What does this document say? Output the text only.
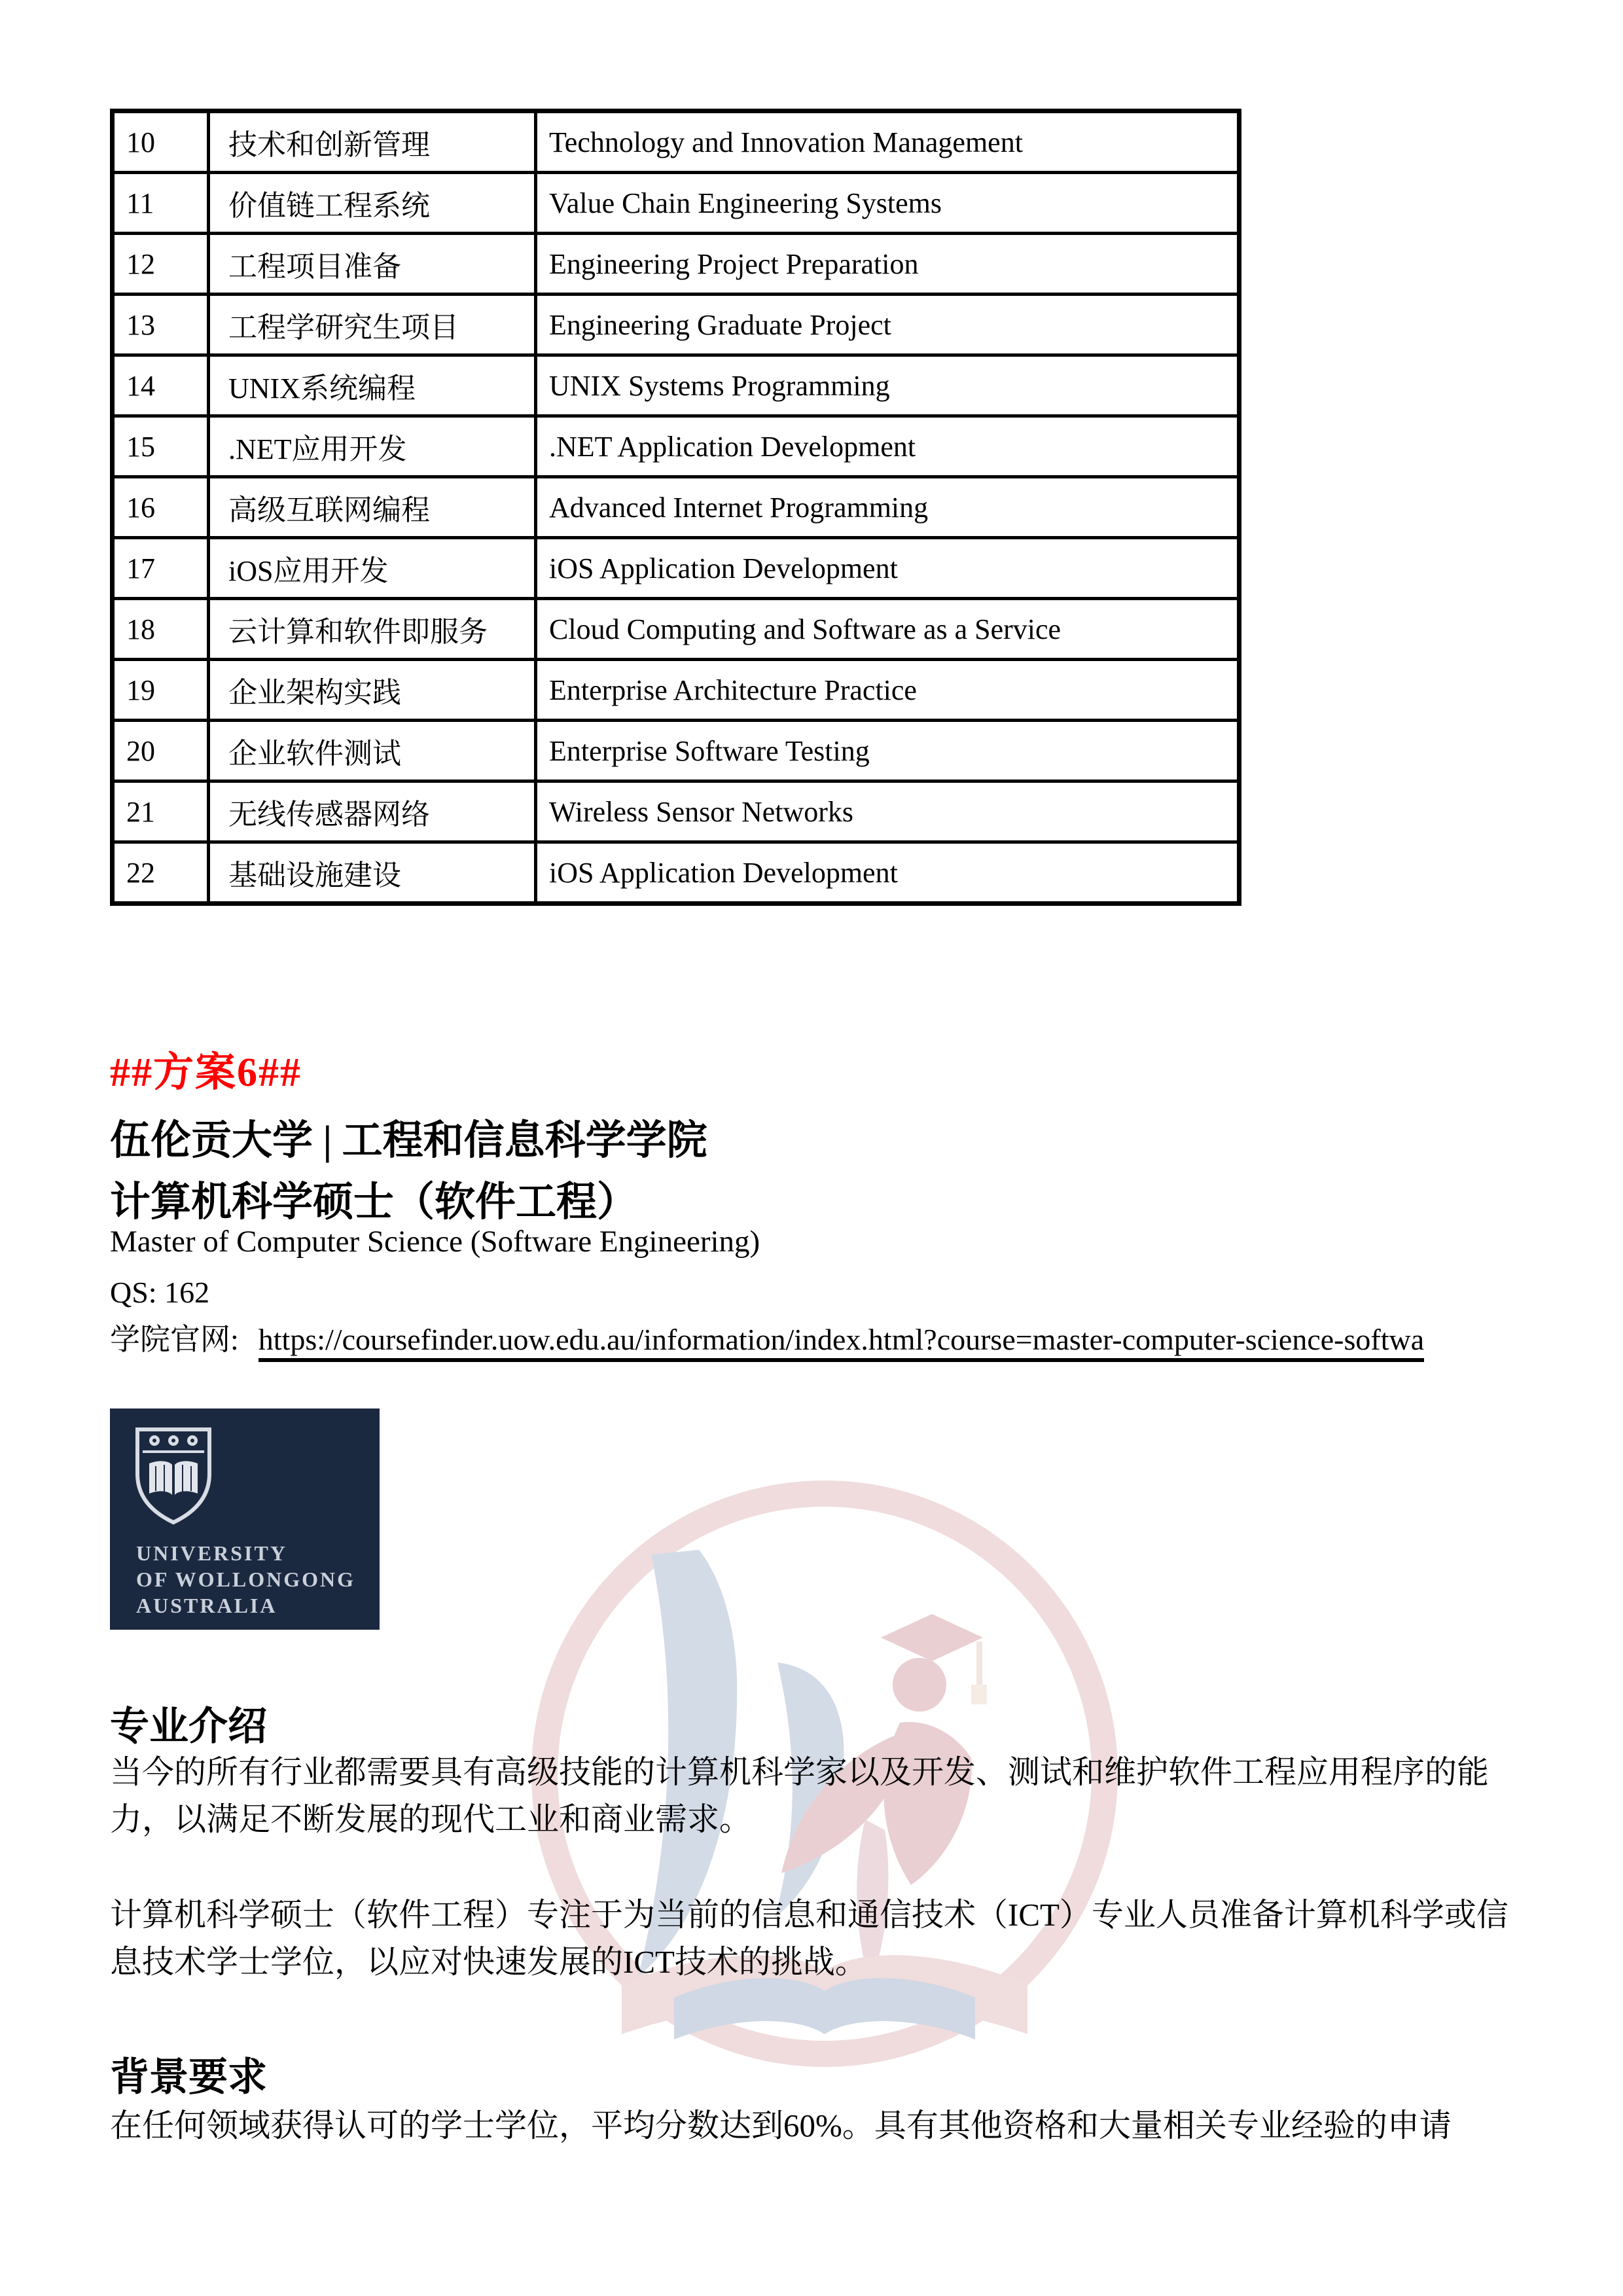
10	技术和创新管理	Technology and Innovation Management
11	价值链工程系统	Value Chain Engineering Systems
12	工程项目准备	Engineering Project Preparation
13	工程学研究生项目	Engineering Graduate Project
14	UNIX系统编程	UNIX Systems Programming
15	.NET应用开发	.NET Application Development
16	高级互联网编程	Advanced Internet Programming
17	iOS应用开发	iOS Application Development
18	云计算和软件即服务	Cloud Computing and Software as a Service
19	企业架构实践	Enterprise Architecture Practice
20	企业软件测试	Enterprise Software Testing
21	无线传感器网络	Wireless Sensor Networks
22	基础设施建设	iOS Application Development
##方案6##
伍伦贡大学 | 工程和信息科学学院
计算机科学硕士（软件工程）
Master of Computer Science (Software Engineering)
QS: 162
学院官网: https://coursefinder.uow.edu.au/information/index.html?course=master-computer-science-softwa
UNIVERSITY
OF WOLLONGONG
AUSTRALIA
专业介绍
当今的所有行业都需要具有高级技能的计算机科学家以及开发、测试和维护软件工程应用程序的能力，以满足不断发展的现代工业和商业需求。
计算机科学硕士（软件工程）专注于为当前的信息和通信技术（ICT）专业人员准备计算机科学或信息技术学士学位，以应对快速发展的ICT技术的挑战。
背景要求
在任何领域获得认可的学士学位，平均分数达到60%。具有其他资格和大量相关专业经验的申请
